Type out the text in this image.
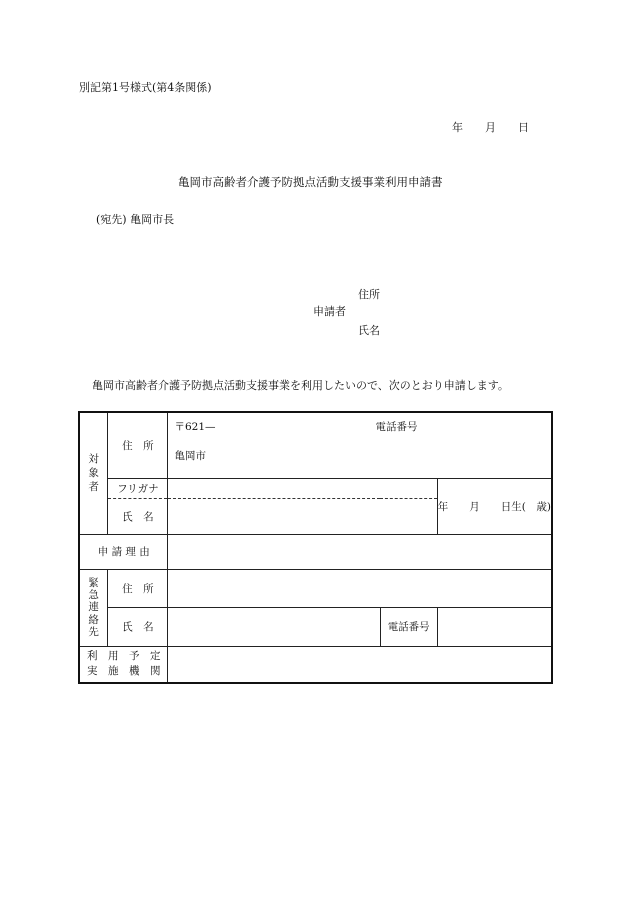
別記第1号様式(第4条関係)
年 月 日
亀岡市高齢者介護予防拠点活動支援事業利用申請書
(宛先) 亀岡市長
住所
申請者
氏名
亀岡市高齢者介護予防拠点活動支援事業を利用したいので、次のとおり申請します。
対
象
者	住　所	〒621— 電話番号
亀岡市		

	フリガナ			年　　月　　日生(　歳)
	氏　名			
申 請 理 由				
緊
急
連
絡
先	住　所			
	氏　名		電話番号	

利　用　予　定
実　施　機　関				
